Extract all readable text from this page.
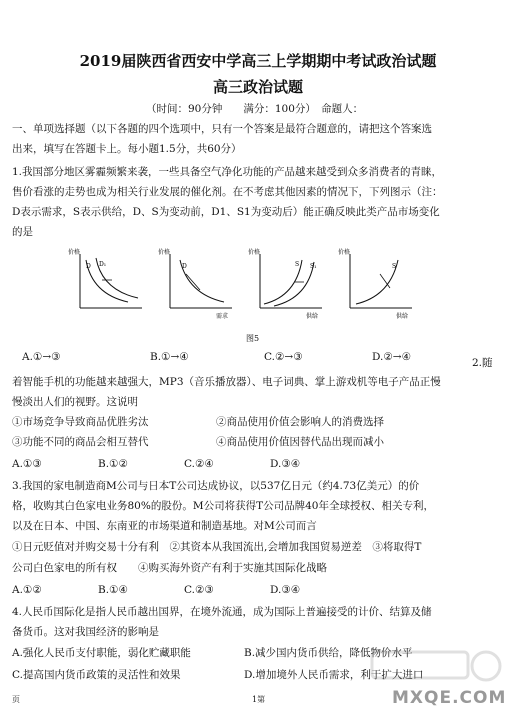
2019届陕西省西安中学高三上学期期中考试政治试题
高三政治试题
（时间：90分钟　　满分：100分）　命题人：
一、单项选择题（以下各题的四个选项中，只有一个答案是最符合题意的，请把这个答案选
出来，填写在答题卡上。每小题1.5分，共60分）
1.我国部分地区雾霾频繁来袭，一些具备空气净化功能的产品越来越受到众多消费者的青睐，
售价看涨的走势也成为相关行业发展的催化剂。在不考虑其他因素的情况下，下列图示（注：
D表示需求，S表示供给，D、S为变动前，D1、S1为变动后）能正确反映此类产品市场变化
的是
价格
D D₁
价格
D
需求
价格
S S₁
供给
价格
S
供给
图5
A.①→③	B.①→④	C.②→③	D.②→④	2.随
着智能手机的功能越来越强大，MP3（音乐播放器）、电子词典、掌上游戏机等电子产品正慢
慢淡出人们的视野。这说明
①市场竞争导致商品优胜劣汰	②商品使用价值会影响人的消费选择
③功能不同的商品会相互替代	④商品使用价值因替代品出现而减小
A.①③	B.①②	C.②④	D.③④
3.我国的家电制造商M公司与日本T公司达成协议，以537亿日元（约4.73亿美元）的价
格，收购其白色家电业务80%的股份。M公司将获得T公司品牌40年全球授权、相关专利，
以及在日本、中国、东南亚的市场渠道和制造基地。对M公司而言
①日元贬值对并购交易十分有利　②其资本从我国流出,会增加我国贸易逆差　③将取得T
公司白色家电的所有权　　④购买海外资产有利于实施其国际化战略
A.①②	B.①④	C.②③	D.③④
4.人民币国际化是指人民币越出国界，在境外流通，成为国际上普遍接受的计价、结算及储
备货币。这对我国经济的影响是
A.强化人民币支付职能，弱化贮藏职能	B.减少国内货币供给，降低物价水平
C.提高国内货币政策的灵活性和效果	D.增加境外人民币需求，利于扩大进口
MXQE.COM
页	1第
